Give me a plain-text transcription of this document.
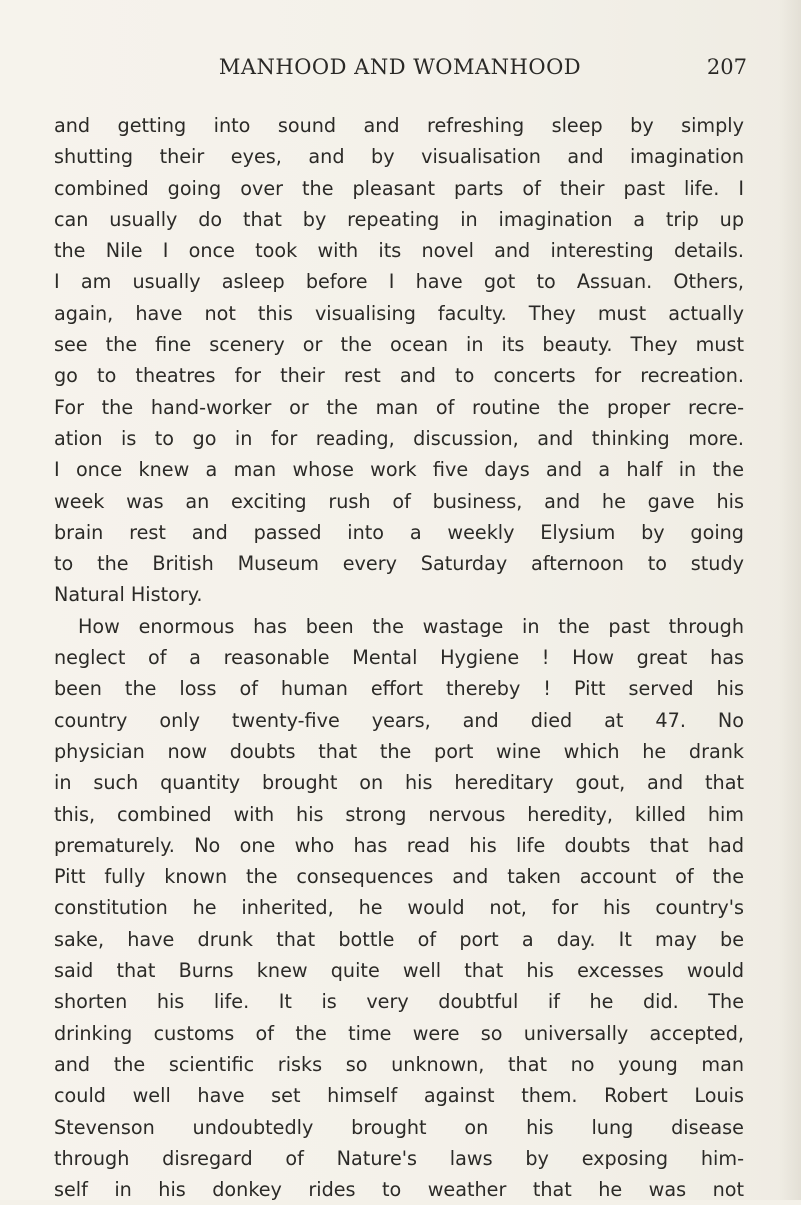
MANHOOD AND WOMANHOOD	207
and getting into sound and refreshing sleep by simply
shutting their eyes, and by visualisation and imagination
combined going over the pleasant parts of their past life. I
can usually do that by repeating in imagination a trip up
the Nile I once took with its novel and interesting details.
I am usually asleep before I have got to Assuan. Others,
again, have not this visualising faculty. They must actually
see the fine scenery or the ocean in its beauty. They must
go to theatres for their rest and to concerts for recreation.
For the hand-worker or the man of routine the proper recre-
ation is to go in for reading, discussion, and thinking more.
I once knew a man whose work five days and a half in the
week was an exciting rush of business, and he gave his
brain rest and passed into a weekly Elysium by going
to the British Museum every Saturday afternoon to study
Natural History.
How enormous has been the wastage in the past through
neglect of a reasonable Mental Hygiene ! How great has
been the loss of human effort thereby ! Pitt served his
country only twenty-five years, and died at 47. No
physician now doubts that the port wine which he drank
in such quantity brought on his hereditary gout, and that
this, combined with his strong nervous heredity, killed him
prematurely. No one who has read his life doubts that had
Pitt fully known the consequences and taken account of the
constitution he inherited, he would not, for his country's
sake, have drunk that bottle of port a day. It may be
said that Burns knew quite well that his excesses would
shorten his life. It is very doubtful if he did. The
drinking customs of the time were so universally accepted,
and the scientific risks so unknown, that no young man
could well have set himself against them. Robert Louis
Stevenson undoubtedly brought on his lung disease
through disregard of Nature's laws by exposing him-
self in his donkey rides to weather that he was not
